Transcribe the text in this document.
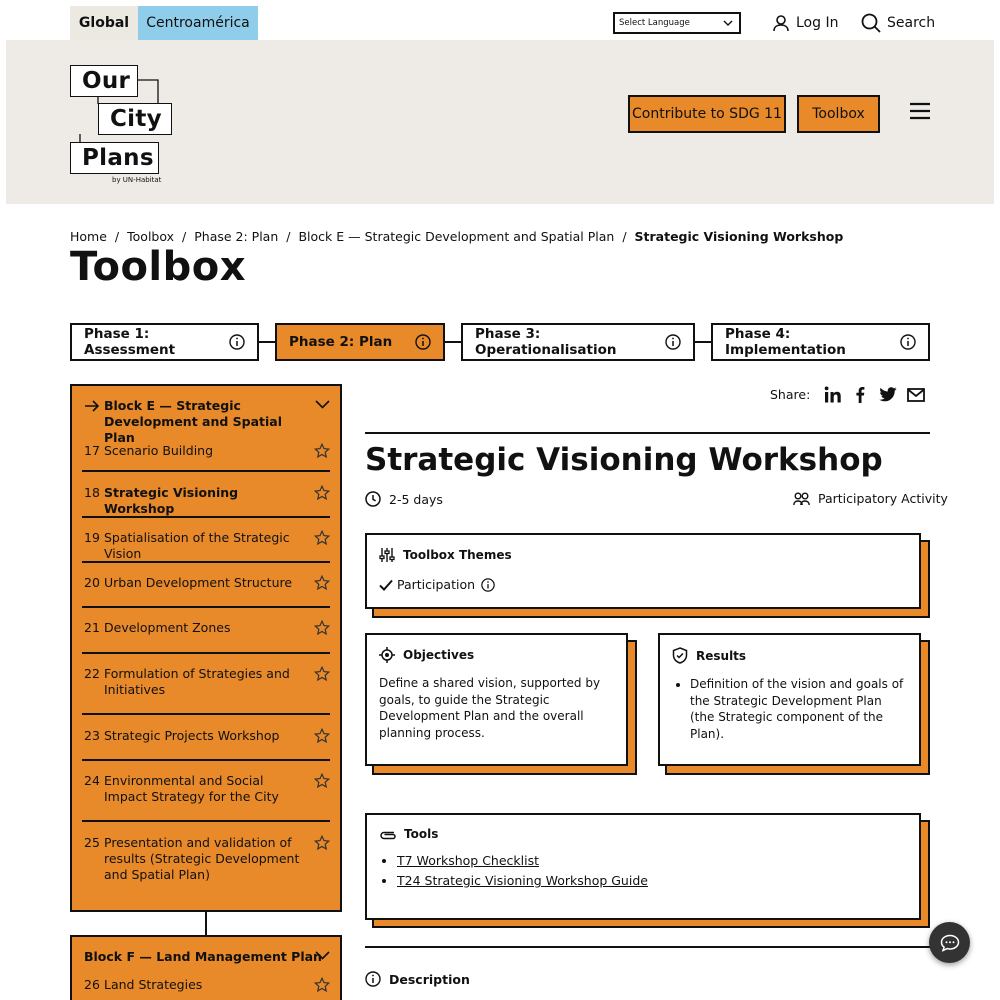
Global	Centroamérica	Select Language	Log In	Search
Our
City
Plans
by UN-Habitat
Contribute to SDG 11	Toolbox
Home / Toolbox / Phase 2: Plan / Block E — Strategic Development and Spatial Plan / Strategic Visioning Workshop
Toolbox
Phase 1: Assessment	Phase 2: Plan	Phase 3: Operationalisation
Phase 4: Implementation
Block E — Strategic Development and Spatial Plan
17 Scenario Building
18 Strategic Visioning Workshop
19 Spatialisation of the Strategic Vision
20 Urban Development Structure
21 Development Zones
22 Formulation of Strategies and Initiatives
23 Strategic Projects Workshop
24 Environmental and Social Impact Strategy for the City
25 Presentation and validation of results (Strategic Development and Spatial Plan)
Block F — Land Management Plan
26 Land Strategies
Share:
Strategic Visioning Workshop
2-5 days	Participatory Activity
Toolbox Themes
Participation
Objectives
Define a shared vision, supported by goals, to guide the Strategic Development Plan and the overall planning process.
Results
• Definition of the vision and goals of the Strategic Development Plan (the Strategic component of the Plan).
Tools
• T7 Workshop Checklist
• T24 Strategic Visioning Workshop Guide
Description
